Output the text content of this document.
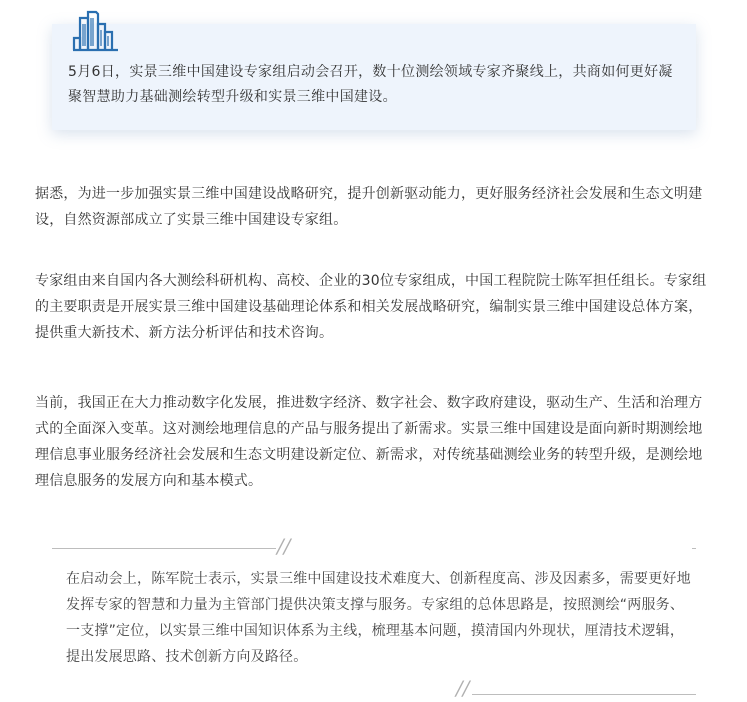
5月6日，实景三维中国建设专家组启动会召开，数十位测绘领域专家齐聚线上，共商如何更好凝聚智慧助力基础测绘转型升级和实景三维中国建设。

据悉，为进一步加强实景三维中国建设战略研究，提升创新驱动能力，更好服务经济社会发展和生态文明建设，自然资源部成立了实景三维中国建设专家组。

专家组由来自国内各大测绘科研机构、高校、企业的30位专家组成，中国工程院院士陈军担任组长。专家组的主要职责是开展实景三维中国建设基础理论体系和相关发展战略研究，编制实景三维中国建设总体方案，提供重大新技术、新方法分析评估和技术咨询。

当前，我国正在大力推动数字化发展，推进数字经济、数字社会、数字政府建设，驱动生产、生活和治理方式的全面深入变革。这对测绘地理信息的产品与服务提出了新需求。实景三维中国建设是面向新时期测绘地理信息事业服务经济社会发展和生态文明建设新定位、新需求，对传统基础测绘业务的转型升级，是测绘地理信息服务的发展方向和基本模式。

//
在启动会上，陈军院士表示，实景三维中国建设技术难度大、创新程度高、涉及因素多，需要更好地发挥专家的智慧和力量为主管部门提供决策支撑与服务。专家组的总体思路是，按照测绘“两服务、一支撑”定位，以实景三维中国知识体系为主线，梳理基本问题，摸清国内外现状，厘清技术逻辑，提出发展思路、技术创新方向及路径。
//
